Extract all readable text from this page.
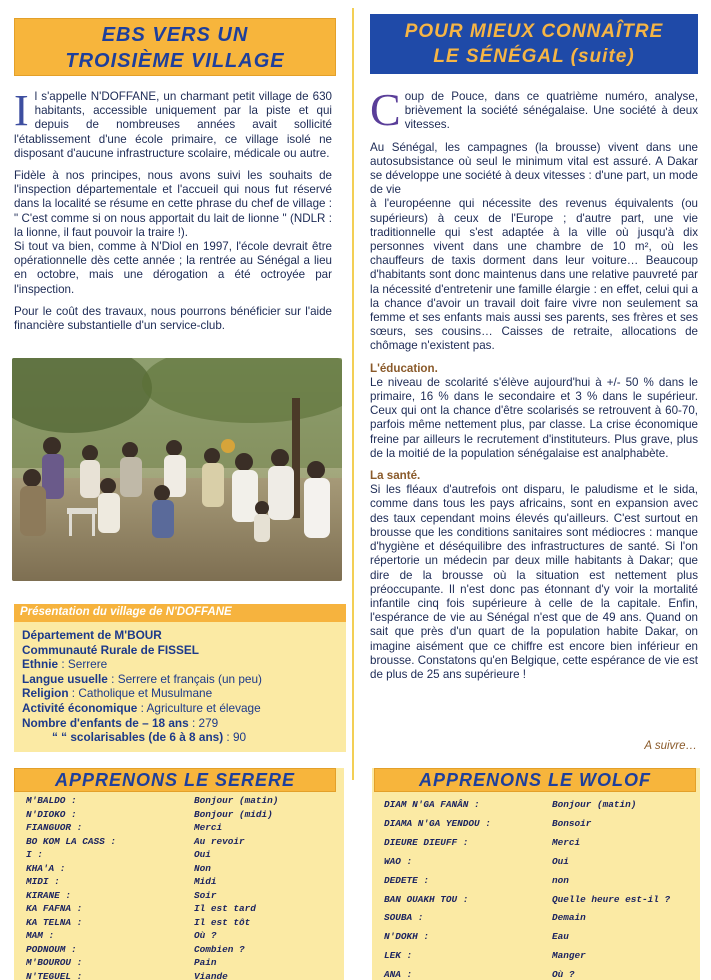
EBS VERS UN
TROISIÈME VILLAGE

I l s'appelle N'DOFFANE, un charmant petit village de 630 habitants, accessible uniquement par la piste et qui depuis de nombreuses années avait sollicité l'établissement d'une école primaire, ce village isolé ne disposant d'aucune infrastructure scolaire, médicale ou autre.

Fidèle à nos principes, nous avons suivi les souhaits de l'inspection départementale et l'accueil qui nous fut réservé dans la localité se résume en cette phrase du chef de village : " C'est comme si on nous apportait du lait de lionne " (NDLR : la lionne, il faut pouvoir la traire !).

Si tout va bien, comme à N'Diol en 1997, l'école devrait être opérationnelle dès cette année ; la rentrée au Sénégal a lieu en octobre, mais une dérogation a été octroyée par l'inspection.

Pour le coût des travaux, nous pourrons bénéficier sur l'aide financière substantielle d'un service-club.

Présentation du village de N'DOFFANE
Département de M'BOUR
Communauté Rurale de FISSEL
Ethnie : Serrere
Langue usuelle : Serrere et français (un peu)
Religion : Catholique et Musulmane
Activité économique : Agriculture et élevage
Nombre d'enfants de – 18 ans : 279
“ “ scolarisables (de 6 à 8 ans) : 90
POUR MIEUX CONNAÎTRE
LE SÉNÉGAL (suite)

C oup de Pouce, dans ce quatrième numéro, analyse, brièvement la société sénégalaise. Une société à deux vitesses.

Au Sénégal, les campagnes (la brousse) vivent dans une autosubsistance où seul le minimum vital est assuré. A Dakar se développe une société à deux vitesses : d'une part, un mode de vie

à l'européenne qui nécessite des revenus équivalents (ou supérieurs) à ceux de l'Europe ; d'autre part, une vie traditionnelle qui s'est adaptée à la ville où jusqu'à dix personnes vivent dans une chambre de 10 m², où les chauffeurs de taxis dorment dans leur voiture… Beaucoup d'habitants sont donc maintenus dans une relative pauvreté par la nécessité d'entretenir une famille élargie : en effet, celui qui a la chance d'avoir un travail doit faire vivre non seulement sa femme et ses enfants mais aussi ses parents, ses frères et ses sœurs, ses cousins… Caisses de retraite, allocations de chômage n'existent pas.

L'éducation.

Le niveau de scolarité s'élève aujourd'hui à +/- 50 % dans le primaire, 16 % dans le secondaire et 3 % dans le supérieur. Ceux qui ont la chance d'être scolarisés se retrouvent à 60-70, parfois même nettement plus, par classe. La crise économique freine par ailleurs le recrutement d'instituteurs. Plus grave, plus de la moitié de la population sénégalaise est analphabète.

La santé.

Si les fléaux d'autrefois ont disparu, le paludisme et le sida, comme dans tous les pays africains, sont en expansion avec des taux cependant moins élevés qu'ailleurs. C'est surtout en brousse que les conditions sanitaires sont médiocres : manque d'hygiène et déséquilibre des infrastructures de santé. Si l'on répertorie un médecin par deux mille habitants à Dakar; que dire de la brousse où la situation est nettement plus préoccupante. Il n'est donc pas étonnant d'y voir la mortalité infantile cinq fois supérieure à celle de la capitale. Enfin, l'espérance de vie au Sénégal n'est que de 49 ans. Quand on sait que près d'un quart de la population habite Dakar, on imagine aisément que ce chiffre est encore bien inférieur en brousse. Constatons qu'en Belgique, cette espérance de vie est de plus de 25 ans supérieure !

A suivre…
APPRENONS LE SERERE
M'BALDO :	Bonjour (matin)
N'DIOKO :	Bonjour (midi)
FIANGUOR :	Merci
BO KOM LA CASS :	Au revoir
I :	Oui
KHA'A :	Non
MIDI :	Midi
KIRANE :	Soir
KA FAFNA :	Il est tard
KA TELNA :	Il est tôt
MAM :	Où ?
PODNOUM :	Combien ?
M'BOUROU :	Pain
N'TEGUEL :	Viande
APPRENONS LE WOLOF
DIAM N'GA FANÂN :	Bonjour (matin)
DIAMA N'GA YENDOU :	Bonsoir
DIEURE DIEUFF :	Merci
WAO :	Oui
DEDETE :	non
BAN OUAKH TOU :	Quelle heure est-il ?
SOUBA :	Demain
N'DOKH :	Eau
LEK :	Manger
ANA :	Où ?
